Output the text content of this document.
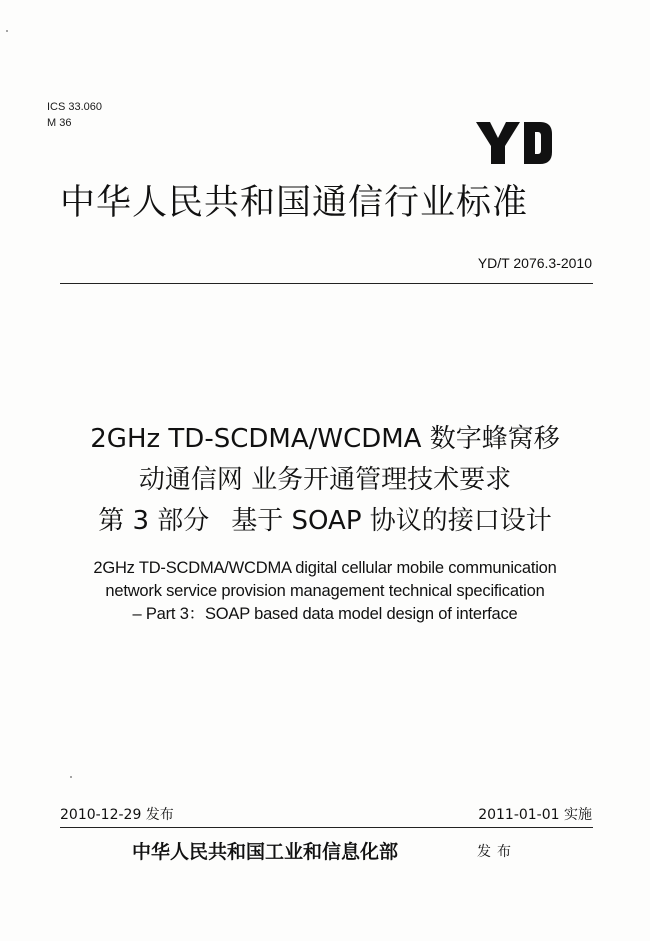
ICS 33.060
M 36
中华人民共和国通信行业标准
YD/T 2076.3-2010
2GHz TD-SCDMA/WCDMA 数字蜂窝移
动通信网 业务开通管理技术要求
第 3 部分 基于 SOAP 协议的接口设计
2GHz TD-SCDMA/WCDMA digital cellular mobile communication
network service provision management technical specification
– Part 3：SOAP based data model design of interface
2010-12-29 发布	2011-01-01 实施
中华人民共和国工业和信息化部	发布
